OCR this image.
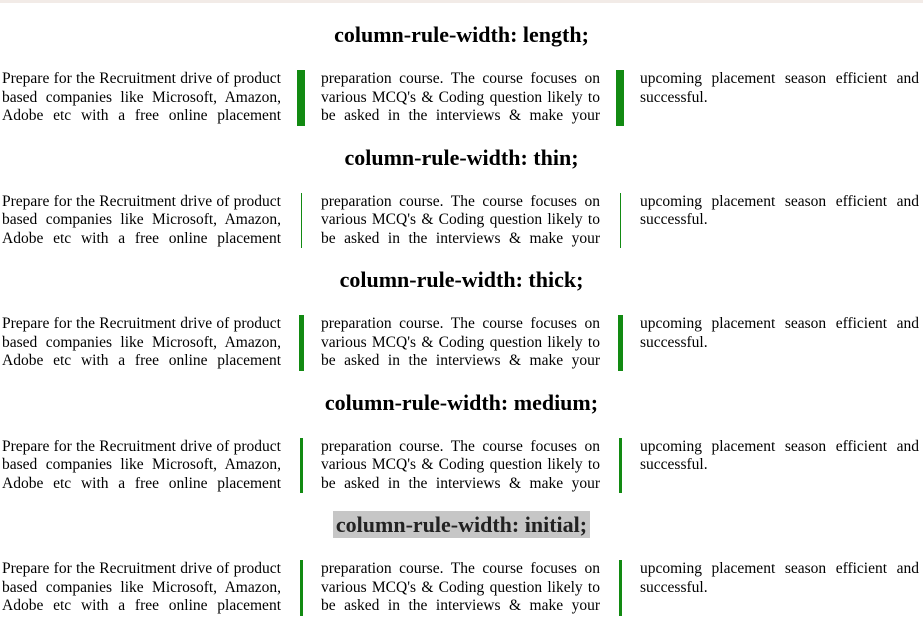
column-rule-width: length;

Prepare for the Recruitment drive of product based companies like Microsoft, Amazon, Adobe etc with a free online placement preparation course. The course focuses on various MCQ's & Coding question likely to be asked in the interviews & make your upcoming placement season efficient and successful.

column-rule-width: thin;

Prepare for the Recruitment drive of product based companies like Microsoft, Amazon, Adobe etc with a free online placement preparation course. The course focuses on various MCQ's & Coding question likely to be asked in the interviews & make your upcoming placement season efficient and successful.

column-rule-width: thick;

Prepare for the Recruitment drive of product based companies like Microsoft, Amazon, Adobe etc with a free online placement preparation course. The course focuses on various MCQ's & Coding question likely to be asked in the interviews & make your upcoming placement season efficient and successful.

column-rule-width: medium;

Prepare for the Recruitment drive of product based companies like Microsoft, Amazon, Adobe etc with a free online placement preparation course. The course focuses on various MCQ's & Coding question likely to be asked in the interviews & make your upcoming placement season efficient and successful.

column-rule-width: initial;

Prepare for the Recruitment drive of product based companies like Microsoft, Amazon, Adobe etc with a free online placement preparation course. The course focuses on various MCQ's & Coding question likely to be asked in the interviews & make your upcoming placement season efficient and successful.
